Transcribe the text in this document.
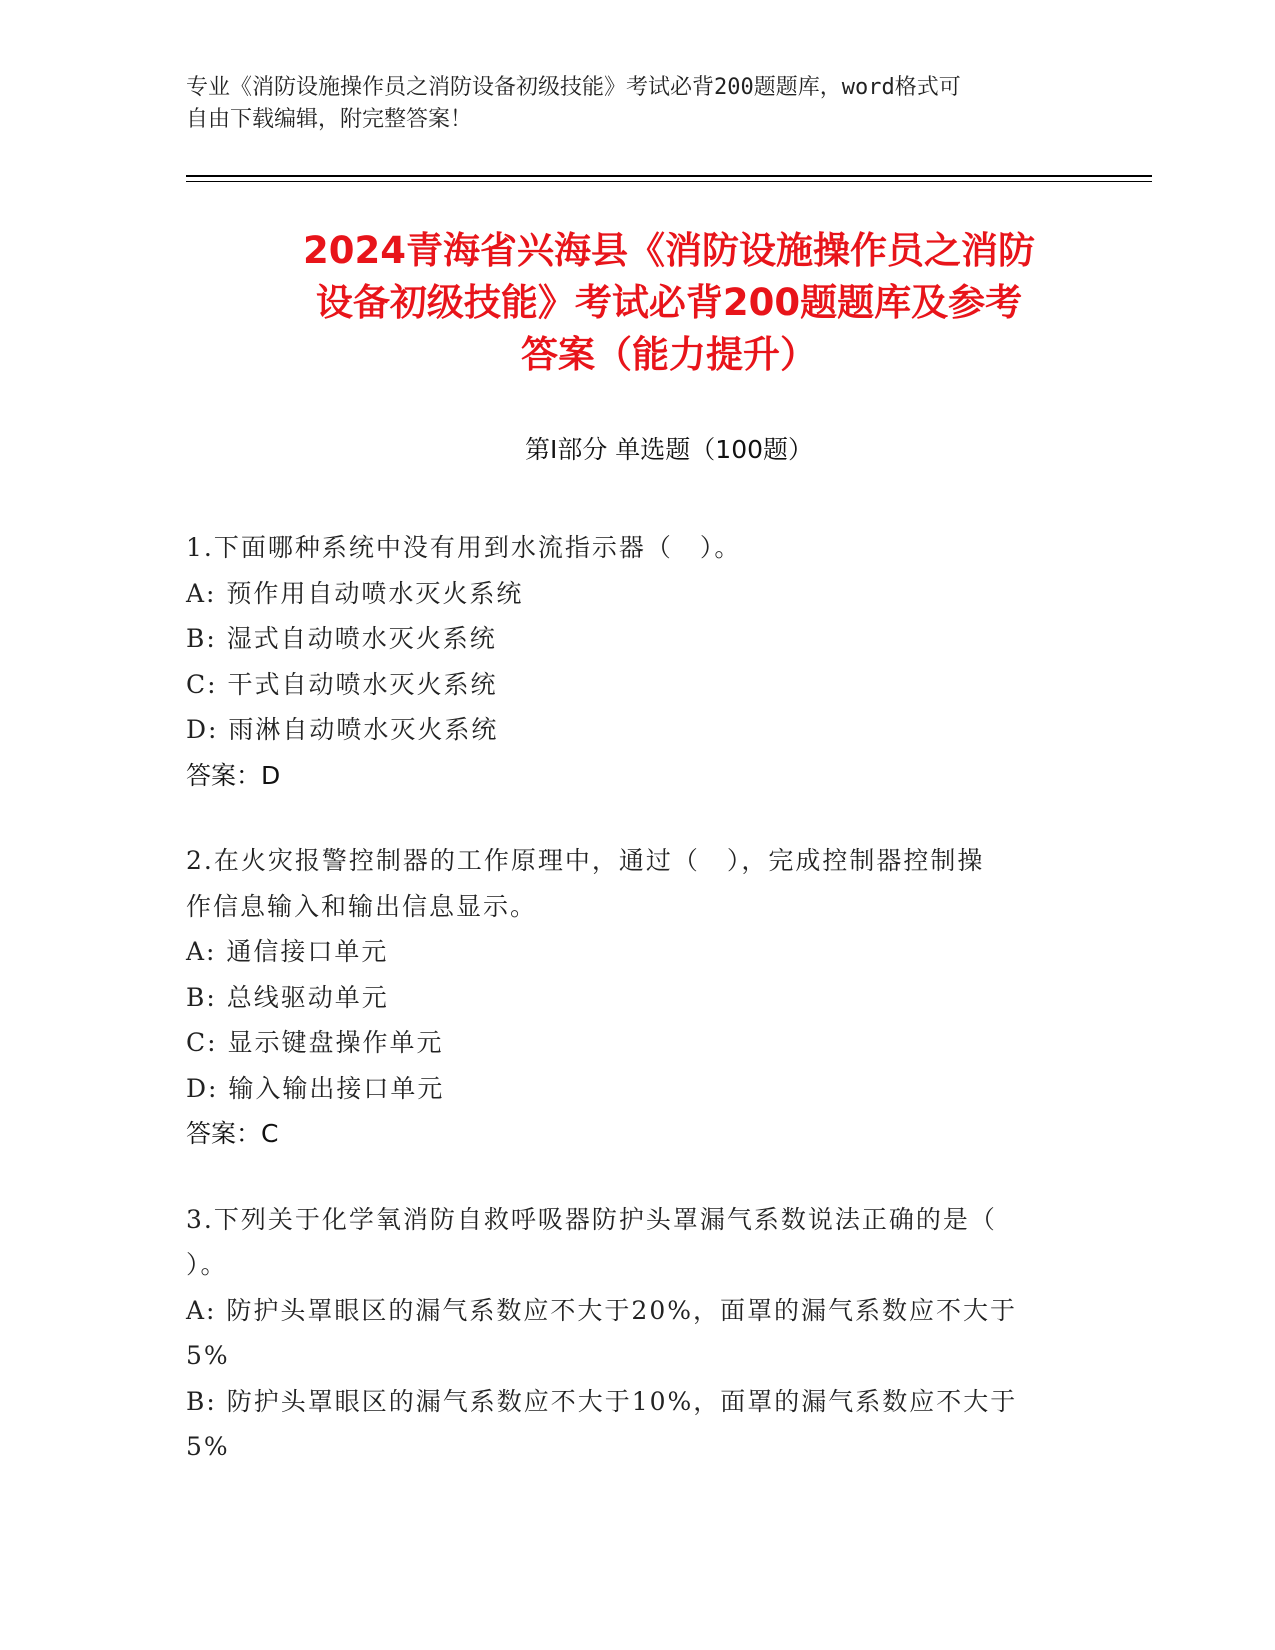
专业《消防设施操作员之消防设备初级技能》考试必背200题题库，word格式可
自由下载编辑，附完整答案！
2024青海省兴海县《消防设施操作员之消防
设备初级技能》考试必背200题题库及参考
答案（能力提升）
第Ⅰ部分 单选题（100题）

1.下面哪种系统中没有用到水流指示器（　）。

A: 预作用自动喷水灭火系统

B: 湿式自动喷水灭火系统

C: 干式自动喷水灭火系统

D: 雨淋自动喷水灭火系统

答案：D

2.在火灾报警控制器的工作原理中，通过（　），完成控制器控制操

作信息输入和输出信息显示。

A: 通信接口单元

B: 总线驱动单元

C: 显示键盘操作单元

D: 输入输出接口单元

答案：C

3.下列关于化学氧消防自救呼吸器防护头罩漏气系数说法正确的是（

）。

A: 防护头罩眼区的漏气系数应不大于20%，面罩的漏气系数应不大于

5%

B: 防护头罩眼区的漏气系数应不大于10%，面罩的漏气系数应不大于

5%
